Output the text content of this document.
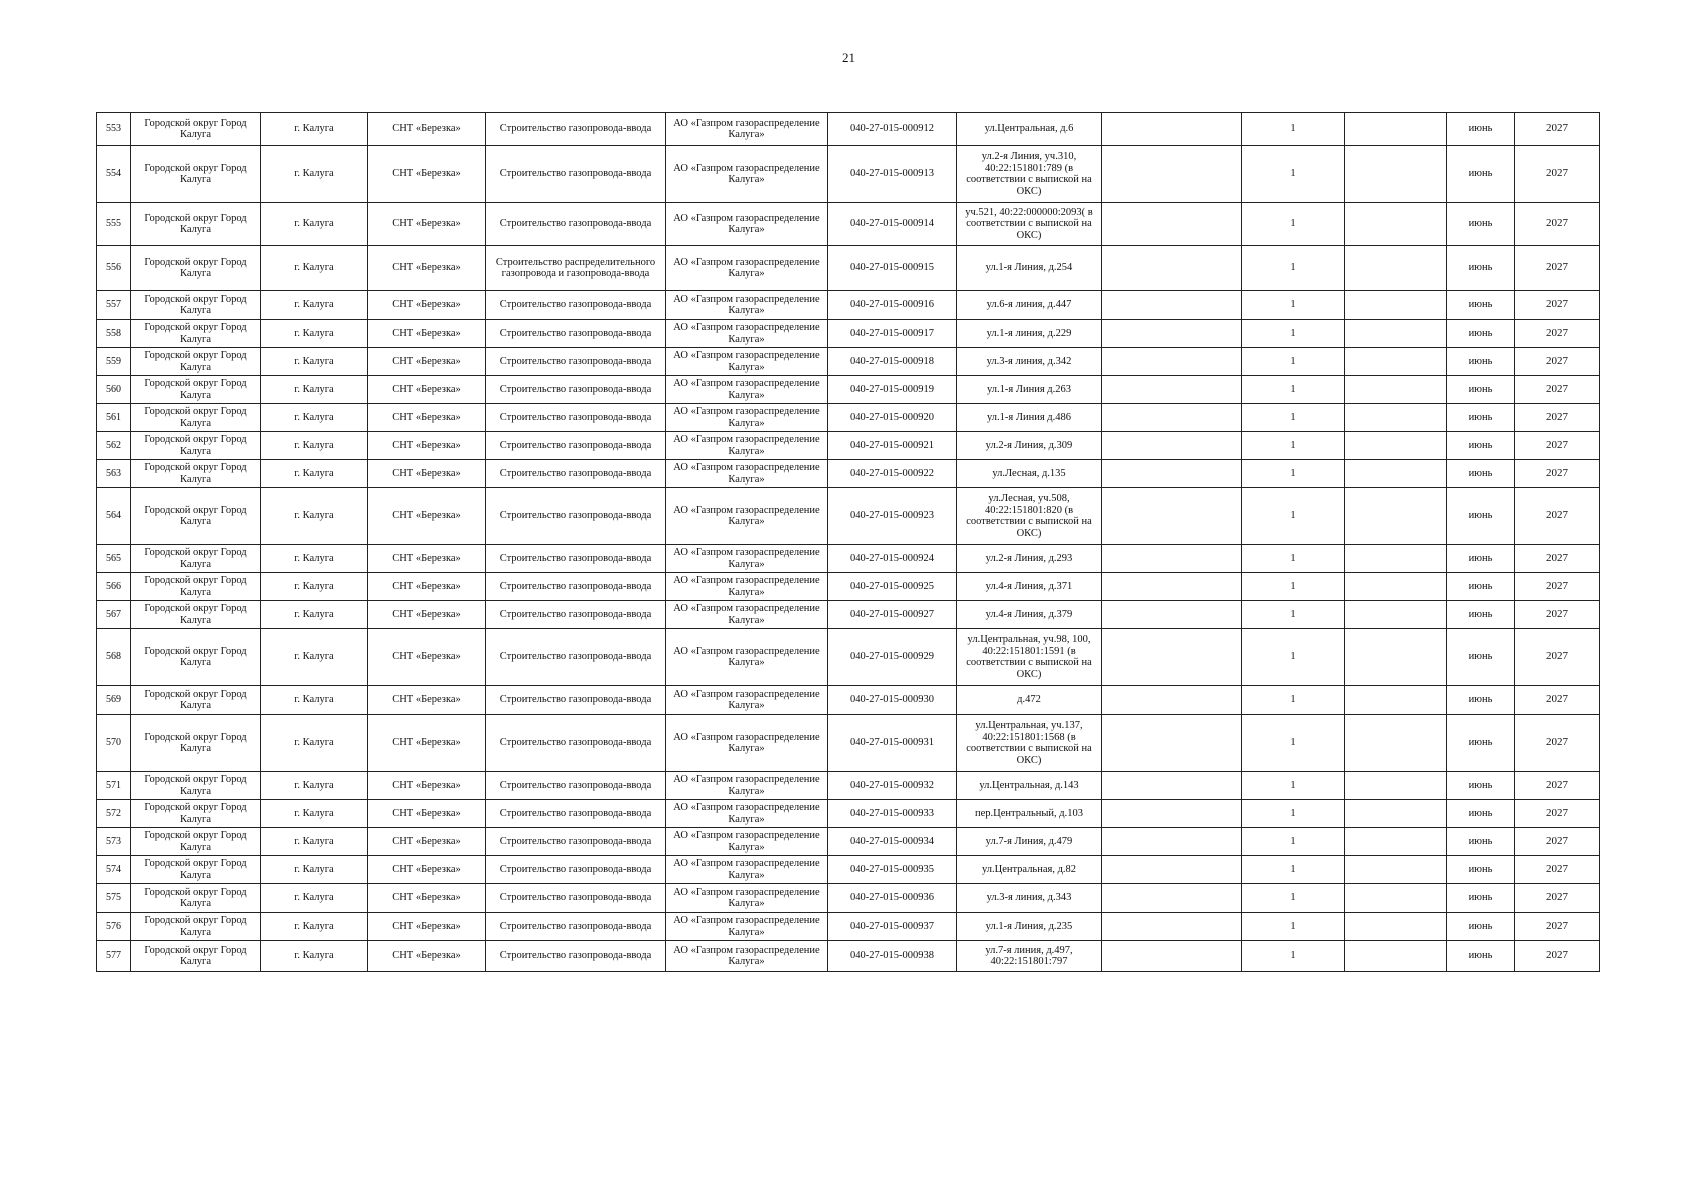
21
553	Городской округ Город Калуга	г. Калуга	СНТ «Березка»	Строительство газопровода-ввода	АО «Газпром газораспределение Калуга»	040-27-015-000912	ул.Центральная, д.6		1		июнь	2027
554	Городской округ Город Калуга	г. Калуга	СНТ «Березка»	Строительство газопровода-ввода	АО «Газпром газораспределение Калуга»	040-27-015-000913	ул.2-я Линия, уч.310, 40:22:151801:789 (в соответствии с выпиской на ОКС)		1		июнь	2027
555	Городской округ Город Калуга	г. Калуга	СНТ «Березка»	Строительство газопровода-ввода	АО «Газпром газораспределение Калуга»	040-27-015-000914	уч.521, 40:22:000000:2093( в соответствии с выпиской на ОКС)		1		июнь	2027
556	Городской округ Город Калуга	г. Калуга	СНТ «Березка»	Строительство распределительного газопровода и газопровода-ввода	АО «Газпром газораспределение Калуга»	040-27-015-000915	ул.1-я Линия, д.254		1		июнь	2027
557	Городской округ Город Калуга	г. Калуга	СНТ «Березка»	Строительство газопровода-ввода	АО «Газпром газораспределение Калуга»	040-27-015-000916	ул.6-я линия, д.447		1		июнь	2027
558	Городской округ Город Калуга	г. Калуга	СНТ «Березка»	Строительство газопровода-ввода	АО «Газпром газораспределение Калуга»	040-27-015-000917	ул.1-я линия, д.229		1		июнь	2027
559	Городской округ Город Калуга	г. Калуга	СНТ «Березка»	Строительство газопровода-ввода	АО «Газпром газораспределение Калуга»	040-27-015-000918	ул.3-я линия, д.342		1		июнь	2027
560	Городской округ Город Калуга	г. Калуга	СНТ «Березка»	Строительство газопровода-ввода	АО «Газпром газораспределение Калуга»	040-27-015-000919	ул.1-я Линия д.263		1		июнь	2027
561	Городской округ Город Калуга	г. Калуга	СНТ «Березка»	Строительство газопровода-ввода	АО «Газпром газораспределение Калуга»	040-27-015-000920	ул.1-я Линия д.486		1		июнь	2027
562	Городской округ Город Калуга	г. Калуга	СНТ «Березка»	Строительство газопровода-ввода	АО «Газпром газораспределение Калуга»	040-27-015-000921	ул.2-я Линия, д.309		1		июнь	2027
563	Городской округ Город Калуга	г. Калуга	СНТ «Березка»	Строительство газопровода-ввода	АО «Газпром газораспределение Калуга»	040-27-015-000922	ул.Лесная, д.135		1		июнь	2027
564	Городской округ Город Калуга	г. Калуга	СНТ «Березка»	Строительство газопровода-ввода	АО «Газпром газораспределение Калуга»	040-27-015-000923	ул.Лесная, уч.508, 40:22:151801:820 (в соответствии с выпиской на ОКС)		1		июнь	2027
565	Городской округ Город Калуга	г. Калуга	СНТ «Березка»	Строительство газопровода-ввода	АО «Газпром газораспределение Калуга»	040-27-015-000924	ул.2-я Линия, д.293		1		июнь	2027
566	Городской округ Город Калуга	г. Калуга	СНТ «Березка»	Строительство газопровода-ввода	АО «Газпром газораспределение Калуга»	040-27-015-000925	ул.4-я Линия, д.371		1		июнь	2027
567	Городской округ Город Калуга	г. Калуга	СНТ «Березка»	Строительство газопровода-ввода	АО «Газпром газораспределение Калуга»	040-27-015-000927	ул.4-я Линия, д.379		1		июнь	2027
568	Городской округ Город Калуга	г. Калуга	СНТ «Березка»	Строительство газопровода-ввода	АО «Газпром газораспределение Калуга»	040-27-015-000929	ул.Центральная, уч.98, 100, 40:22:151801:1591 (в соответствии с выпиской на ОКС)		1		июнь	2027
569	Городской округ Город Калуга	г. Калуга	СНТ «Березка»	Строительство газопровода-ввода	АО «Газпром газораспределение Калуга»	040-27-015-000930	д.472		1		июнь	2027
570	Городской округ Город Калуга	г. Калуга	СНТ «Березка»	Строительство газопровода-ввода	АО «Газпром газораспределение Калуга»	040-27-015-000931	ул.Центральная, уч.137, 40:22:151801:1568 (в соответствии с выпиской на ОКС)		1		июнь	2027
571	Городской округ Город Калуга	г. Калуга	СНТ «Березка»	Строительство газопровода-ввода	АО «Газпром газораспределение Калуга»	040-27-015-000932	ул.Центральная, д.143		1		июнь	2027
572	Городской округ Город Калуга	г. Калуга	СНТ «Березка»	Строительство газопровода-ввода	АО «Газпром газораспределение Калуга»	040-27-015-000933	пер.Центральный, д.103		1		июнь	2027
573	Городской округ Город Калуга	г. Калуга	СНТ «Березка»	Строительство газопровода-ввода	АО «Газпром газораспределение Калуга»	040-27-015-000934	ул.7-я Линия, д.479		1		июнь	2027
574	Городской округ Город Калуга	г. Калуга	СНТ «Березка»	Строительство газопровода-ввода	АО «Газпром газораспределение Калуга»	040-27-015-000935	ул.Центральная, д.82		1		июнь	2027
575	Городской округ Город Калуга	г. Калуга	СНТ «Березка»	Строительство газопровода-ввода	АО «Газпром газораспределение Калуга»	040-27-015-000936	ул.3-я линия, д.343		1		июнь	2027
576	Городской округ Город Калуга	г. Калуга	СНТ «Березка»	Строительство газопровода-ввода	АО «Газпром газораспределение Калуга»	040-27-015-000937	ул.1-я Линия, д.235		1		июнь	2027
577	Городской округ Город Калуга	г. Калуга	СНТ «Березка»	Строительство газопровода-ввода	АО «Газпром газораспределение Калуга»	040-27-015-000938	ул.7-я линия, д.497, 40:22:151801:797		1		июнь	2027
